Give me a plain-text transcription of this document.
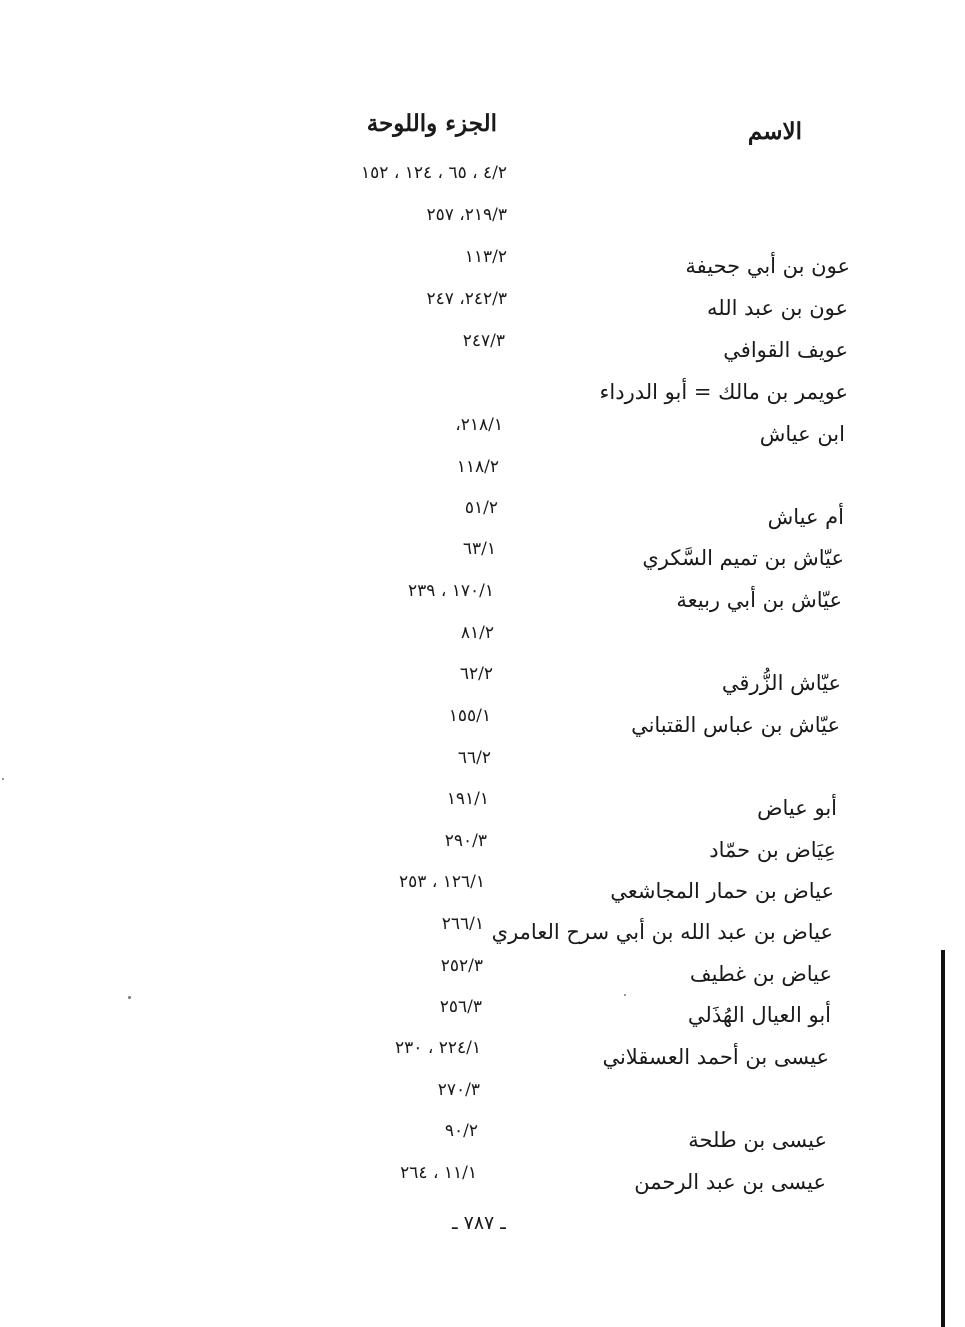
الاسم
الجزء واللوحة
٤/٢ ، ٦٥ ، ١٢٤ ، ١٥٢
٢١٩/٣، ٢٥٧
عون بن أبي جحيفة
١١٣/٢
عون بن عبد الله
٢٤٢/٣، ٢٤٧
عويف القوافي
٢٤٧/٣
عويمر بن مالك = أبو الدرداء
ابن عياش
٢١٨/١،
١١٨/٢
أم عياش
٥١/٢
عيّاش بن تميم السَّكري
٦٣/١
عيّاش بن أبي ربيعة
١٧٠/١ ، ٢٣٩
٨١/٢
عيّاش الزُّرقي
٦٢/٢
عيّاش بن عباس القتباني
١٥٥/١
٦٦/٢
أبو عياض
١٩١/١
عِيَاض بن حمّاد
٢٩٠/٣
عياض بن حمار المجاشعي
١٢٦/١ ، ٢٥٣
عياض بن عبد الله بن أبي سرح العامري
٢٦٦/١
عياض بن غطيف
٢٥٢/٣
أبو العيال الهُذَلي
٢٥٦/٣
عيسى بن أحمد العسقلاني
٢٢٤/١ ، ٢٣٠
٢٧٠/٣
عيسى بن طلحة
٩٠/٢
عيسى بن عبد الرحمن
١١/١ ، ٢٦٤
ـ ٧٨٧ ـ
